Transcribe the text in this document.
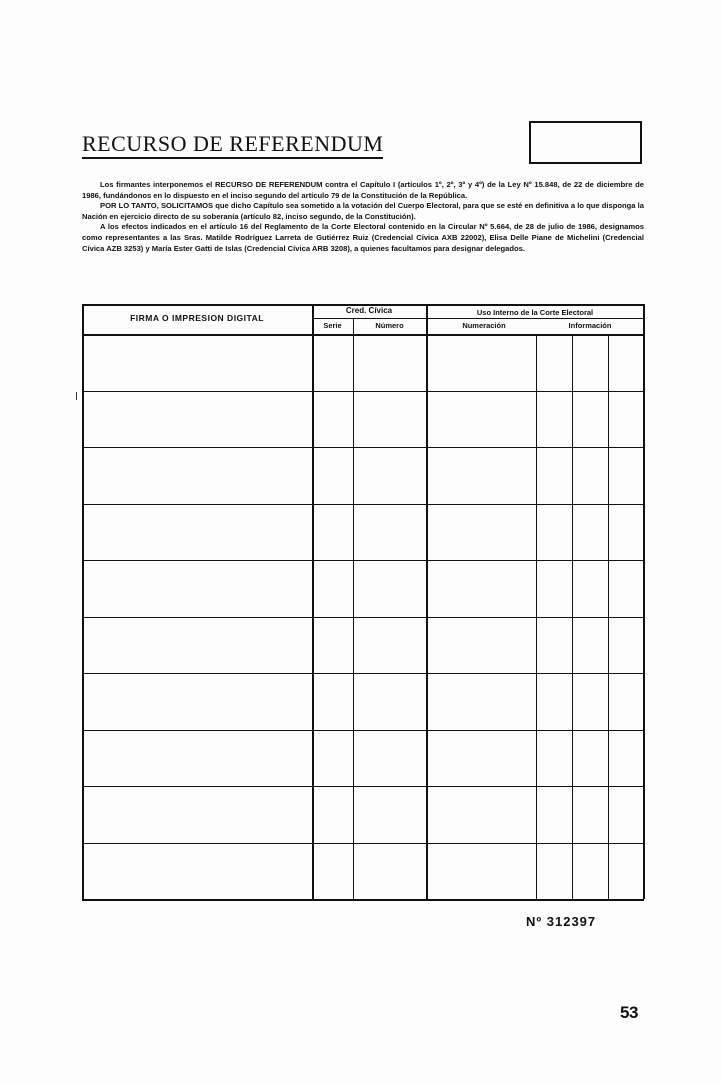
RECURSO DE REFERENDUM

Los firmantes interponemos el RECURSO DE REFERENDUM contra el Capítulo I (artículos 1º, 2º, 3º y 4º) de la Ley Nº 15.848, de 22 de diciembre de 1986, fundándonos en lo dispuesto en el inciso segundo del artículo 79 de la Constitución de la República.

POR LO TANTO, SOLICITAMOS que dicho Capítulo sea sometido a la votación del Cuerpo Electoral, para que se esté en definitiva a lo que disponga la Nación en ejercicio directo de su soberanía (artículo 82, inciso segundo, de la Constitución).

A los efectos indicados en el artículo 16 del Reglamento de la Corte Electoral contenido en la Circular Nº 5.664, de 28 de julio de 1986, designamos como representantes a las Sras. Matilde Rodríguez Larreta de Gutiérrez Ruiz (Credencial Cívica AXB 22002), Elisa Delle Piane de Michelini (Credencial Cívica AZB 3253) y María Ester Gatti de Islas (Credencial Cívica ARB 3208), a quienes facultamos para designar delegados.

FIRMA O IMPRESION DIGITAL
Cred. Cívica
Serie	Número
Uso Interno de la Corte Electoral
Numeración	Información
Nº 312397
53
